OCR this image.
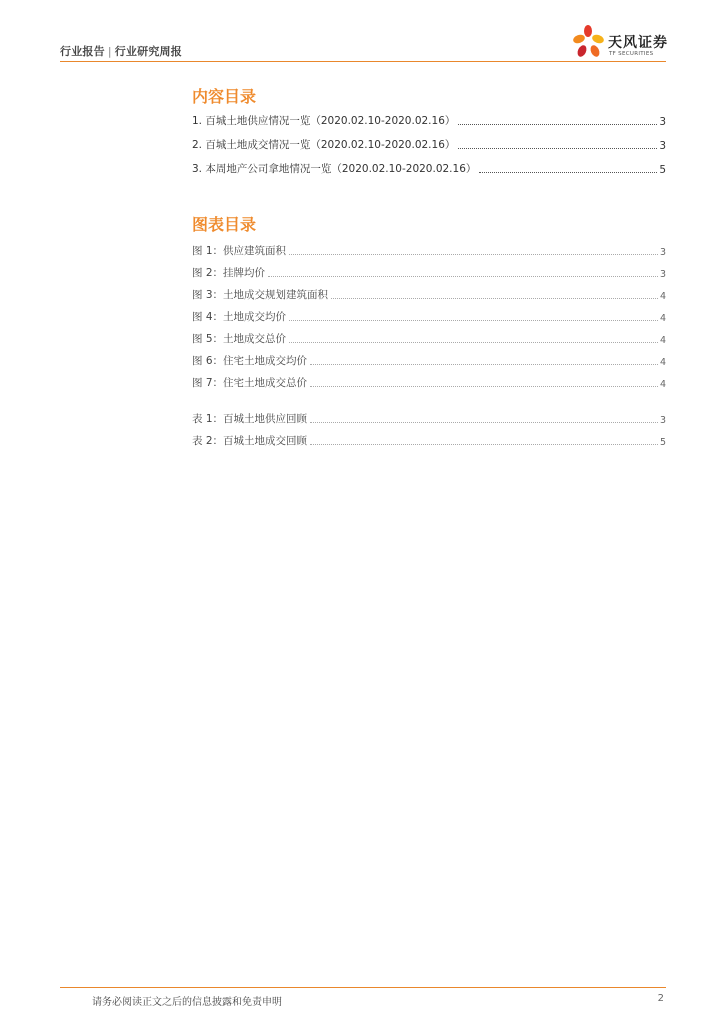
行业报告 | 行业研究周报
天风证券
TF SECURITIES
内容目录
1. 百城土地供应情况一览（2020.02.10-2020.02.16）	3
2. 百城土地成交情况一览（2020.02.10-2020.02.16）	3
3. 本周地产公司拿地情况一览（2020.02.10-2020.02.16）	5
图表目录
图 1：供应建筑面积	3
图 2：挂牌均价	3
图 3：土地成交规划建筑面积	4
图 4：土地成交均价	4
图 5：土地成交总价	4
图 6：住宅土地成交均价	4
图 7：住宅土地成交总价	4
表 1：百城土地供应回顾	3
表 2：百城土地成交回顾	5
请务必阅读正文之后的信息披露和免责申明	2
